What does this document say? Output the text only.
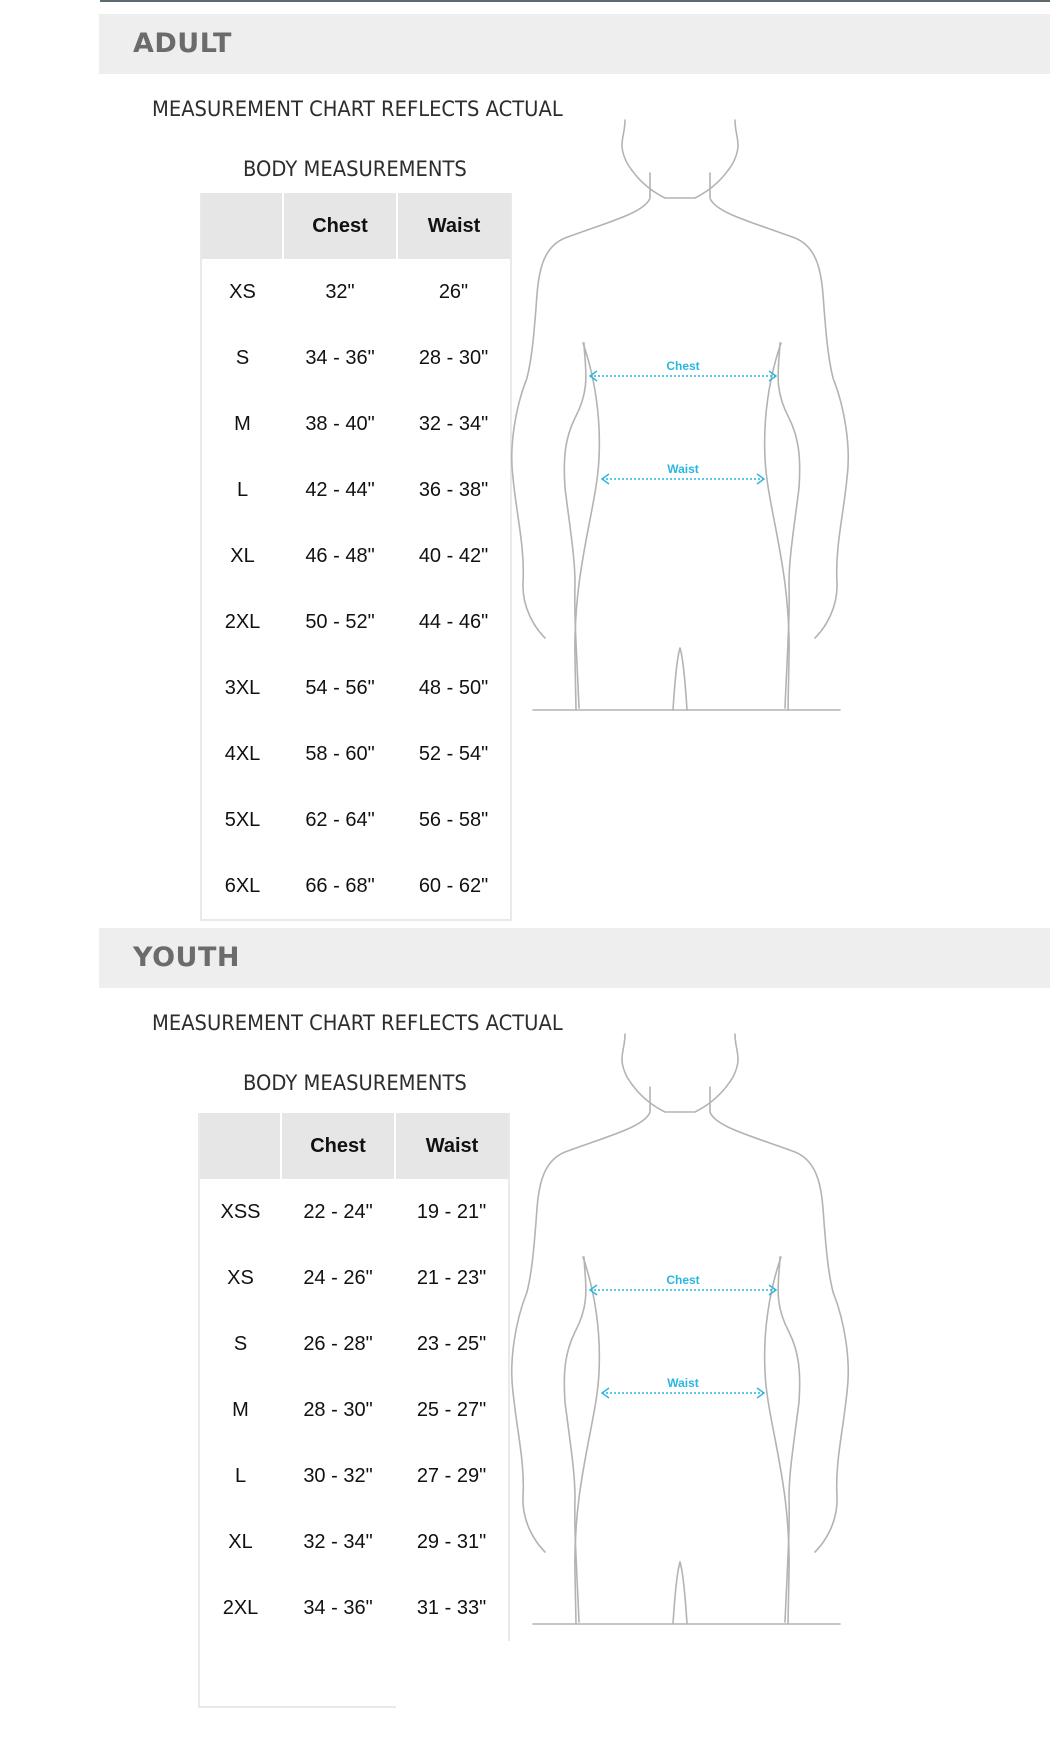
ADULT

MEASUREMENT CHART REFLECTS ACTUAL

BODY MEASUREMENTS

	Chest	Waist
XS	32"	26"
S	34 - 36"	28 - 30"
M	38 - 40"	32 - 34"
L	42 - 44"	36 - 38"
XL	46 - 48"	40 - 42"
2XL	50 - 52"	44 - 46"
3XL	54 - 56"	48 - 50"
4XL	58 - 60"	52 - 54"
5XL	62 - 64"	56 - 58"
6XL	66 - 68"	60 - 62"
Chest
Waist
YOUTH

MEASUREMENT CHART REFLECTS ACTUAL

BODY MEASUREMENTS

	Chest	Waist
XSS	22 - 24"	19 - 21"
XS	24 - 26"	21 - 23"
S	26 - 28"	23 - 25"
M	28 - 30"	25 - 27"
L	30 - 32"	27 - 29"
XL	32 - 34"	29 - 31"
2XL	34 - 36"	31 - 33"
Chest
Waist
